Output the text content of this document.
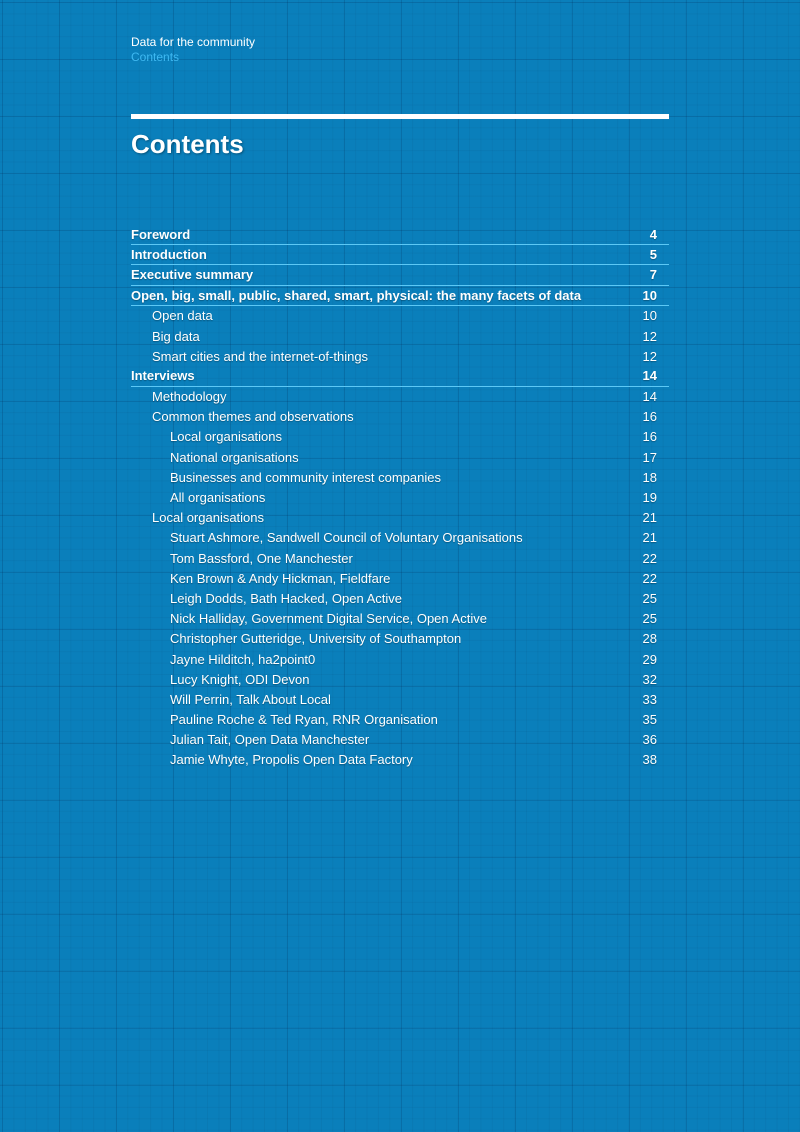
Data for the community
Contents
Contents
Foreword	4
Introduction	5
Executive summary	7
Open, big, small, public, shared, smart, physical: the many facets of data	10
Open data	10
Big data	12
Smart cities and the internet-of-things	12
Interviews	14
Methodology	14
Common themes and observations	16
Local organisations	16
National organisations	17
Businesses and community interest companies	18
All organisations	19
Local organisations	21
Stuart Ashmore, Sandwell Council of Voluntary Organisations	21
Tom Bassford, One Manchester	22
Ken Brown & Andy Hickman, Fieldfare	22
Leigh Dodds, Bath Hacked, Open Active	25
Nick Halliday, Government Digital Service, Open Active	25
Christopher Gutteridge, University of Southampton	28
Jayne Hilditch, ha2point0	29
Lucy Knight, ODI Devon	32
Will Perrin, Talk About Local	33
Pauline Roche & Ted Ryan, RNR Organisation	35
Julian Tait, Open Data Manchester	36
Jamie Whyte, Propolis Open Data Factory	38
